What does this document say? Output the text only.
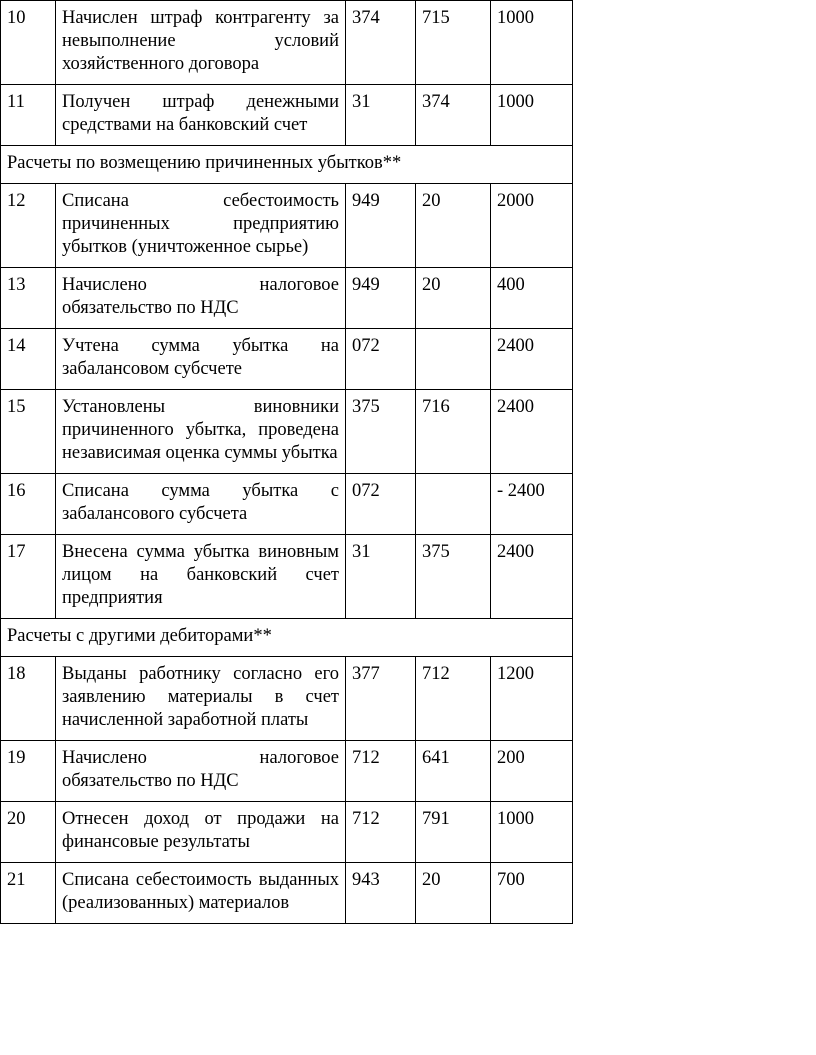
10	Начислен штраф контрагенту за невыполнение условий хозяйственного договора	374	715	1000
11	Получен штраф денежными средствами на банковский счет	31	374	1000
Расчеты по возмещению причиненных убытков**				
12	Списана себестоимость причиненных предприятию убытков (уничтоженное сырье)	949	20	2000
13	Начислено налоговое обязательство по НДС	949	20	400
14	Учтена сумма убытка на забалансовом субсчете	072		2400
15	Установлены виновники причиненного убытка, проведена независимая оценка суммы убытка	375	716	2400
16	Списана сумма убытка с забалансового субсчета	072		- 2400
17	Внесена сумма убытка виновным лицом на банковский счет предприятия	31	375	2400
Расчеты с другими дебиторами**				
18	Выданы работнику согласно его заявлению материалы в счет начисленной заработной платы	377	712	1200
19	Начислено налоговое обязательство по НДС	712	641	200
20	Отнесен доход от продажи на финансовые результаты	712	791	1000
21	Списана себестоимость выданных (реализованных) материалов	943	20	700
